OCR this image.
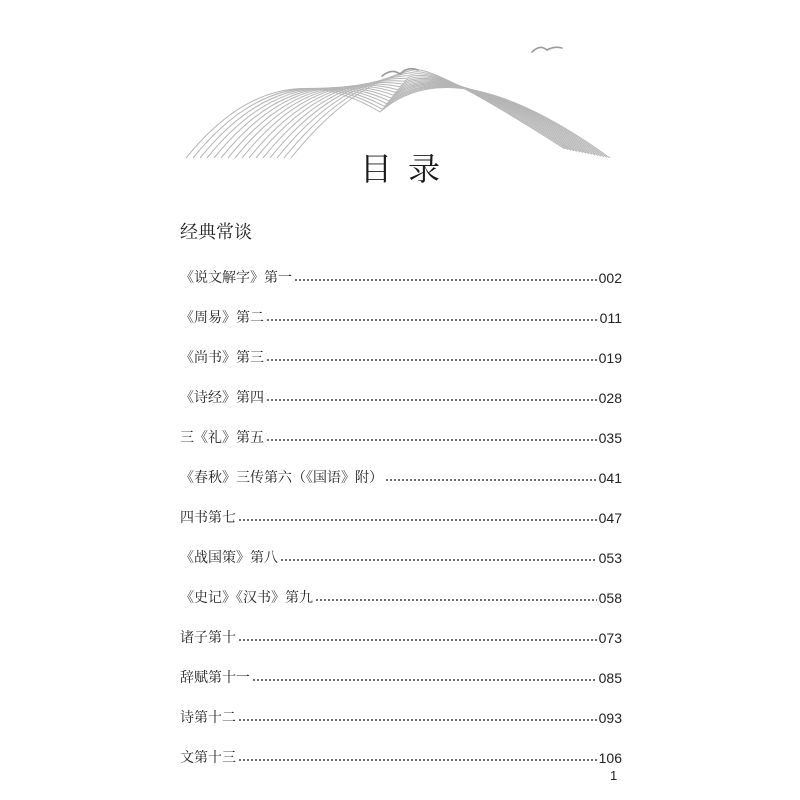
目录
经典常谈
《说文解字》第一	002
《周易》第二	011
《尚书》第三	019
《诗经》第四	028
三《礼》第五	035
《春秋》三传第六（《国语》附）	041
四书第七	047
《战国策》第八	053
《史记》《汉书》第九	058
诸子第十	073
辞赋第十一	085
诗第十二	093
文第十三	106
1
